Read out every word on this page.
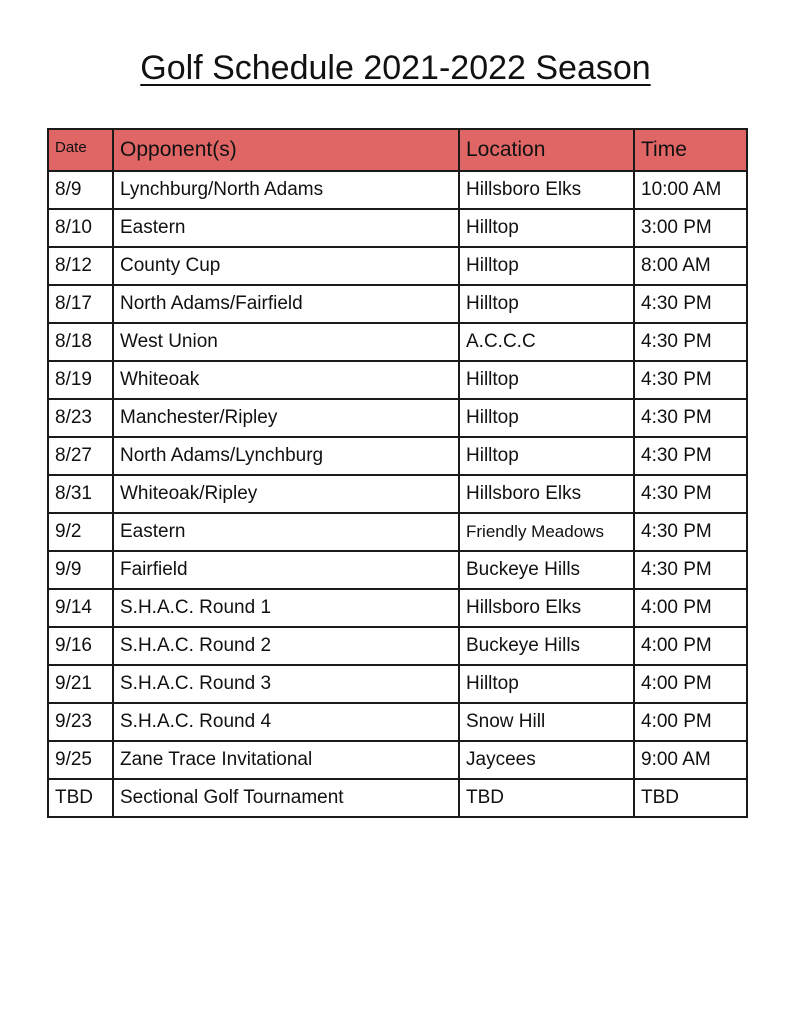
Golf Schedule 2021-2022 Season
Date	Opponent(s)	Location	Time
8/9	Lynchburg/North Adams	Hillsboro Elks	10:00 AM
8/10	Eastern	Hilltop	3:00 PM
8/12	County Cup	Hilltop	8:00 AM
8/17	North Adams/Fairfield	Hilltop	4:30 PM
8/18	West Union	A.C.C.C	4:30 PM
8/19	Whiteoak	Hilltop	4:30 PM
8/23	Manchester/Ripley	Hilltop	4:30 PM
8/27	North Adams/Lynchburg	Hilltop	4:30 PM
8/31	Whiteoak/Ripley	Hillsboro Elks	4:30 PM
9/2	Eastern	Friendly Meadows	4:30 PM
9/9	Fairfield	Buckeye Hills	4:30 PM
9/14	S.H.A.C. Round 1	Hillsboro Elks	4:00 PM
9/16	S.H.A.C. Round 2	Buckeye Hills	4:00 PM
9/21	S.H.A.C. Round 3	Hilltop	4:00 PM
9/23	S.H.A.C. Round 4	Snow Hill	4:00 PM
9/25	Zane Trace Invitational	Jaycees	9:00 AM
TBD	Sectional Golf Tournament	TBD	TBD
